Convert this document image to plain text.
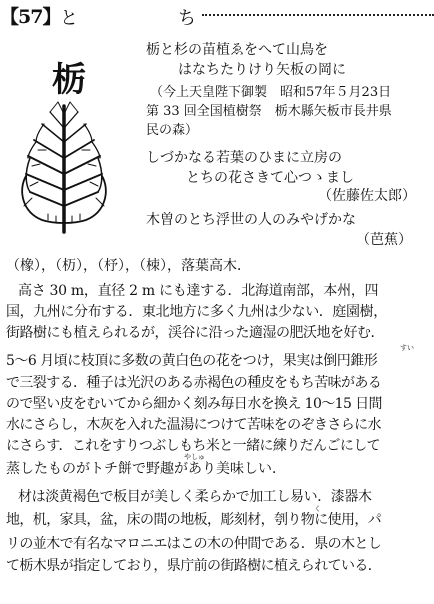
【57】 と	ち
栃
栃と杉の苗植ゑをへて山鳥を
はなちたりけり矢板の岡に
（今上天皇陛下御製　昭和57年５月23日
第 33 回全国植樹祭　栃木縣矢板市長井県
民の森）
しづかなる若葉のひまに立房の
とちの花さきて心つゝまし
（佐藤佐太郎）
木曽のとち浮世の人のみやげかな
（芭蕉）
（橡），（杤），（杼），（栜），落葉高木．
高さ 30 m，直径 2 m にも達する．北海道南部，本州，四
国，九州に分布する．東北地方に多く九州は少ない．庭園樹，
街路樹にも植えられるが，渓谷に沿った適湿の肥沃地を好む．
すい
5～6 月頃に枝頂に多数の黄白色の花をつけ，果実は倒円錐形
で三裂する．種子は光沢のある赤褐色の種皮をもち苦味がある
ので堅い皮をむいてから細かく刻み毎日水を換え 10～15 日間
水にさらし，木灰を入れた温湯につけて苦味をのぞきさらに水
にさらす．これをすりつぶしもち米と一緒に練りだんごにして
やしゅ
蒸したものがトチ餅で野趣があり美味しい．
材は淡黄褐色で板目が美しく柔らかで加工し易い．漆器木
く
地，机，家具，盆，床の間の地板，彫刻材，刳り物に使用，パ
リの並木で有名なマロニエはこの木の仲間である．県の木とし
て栃木県が指定しており，県庁前の街路樹に植えられている．
